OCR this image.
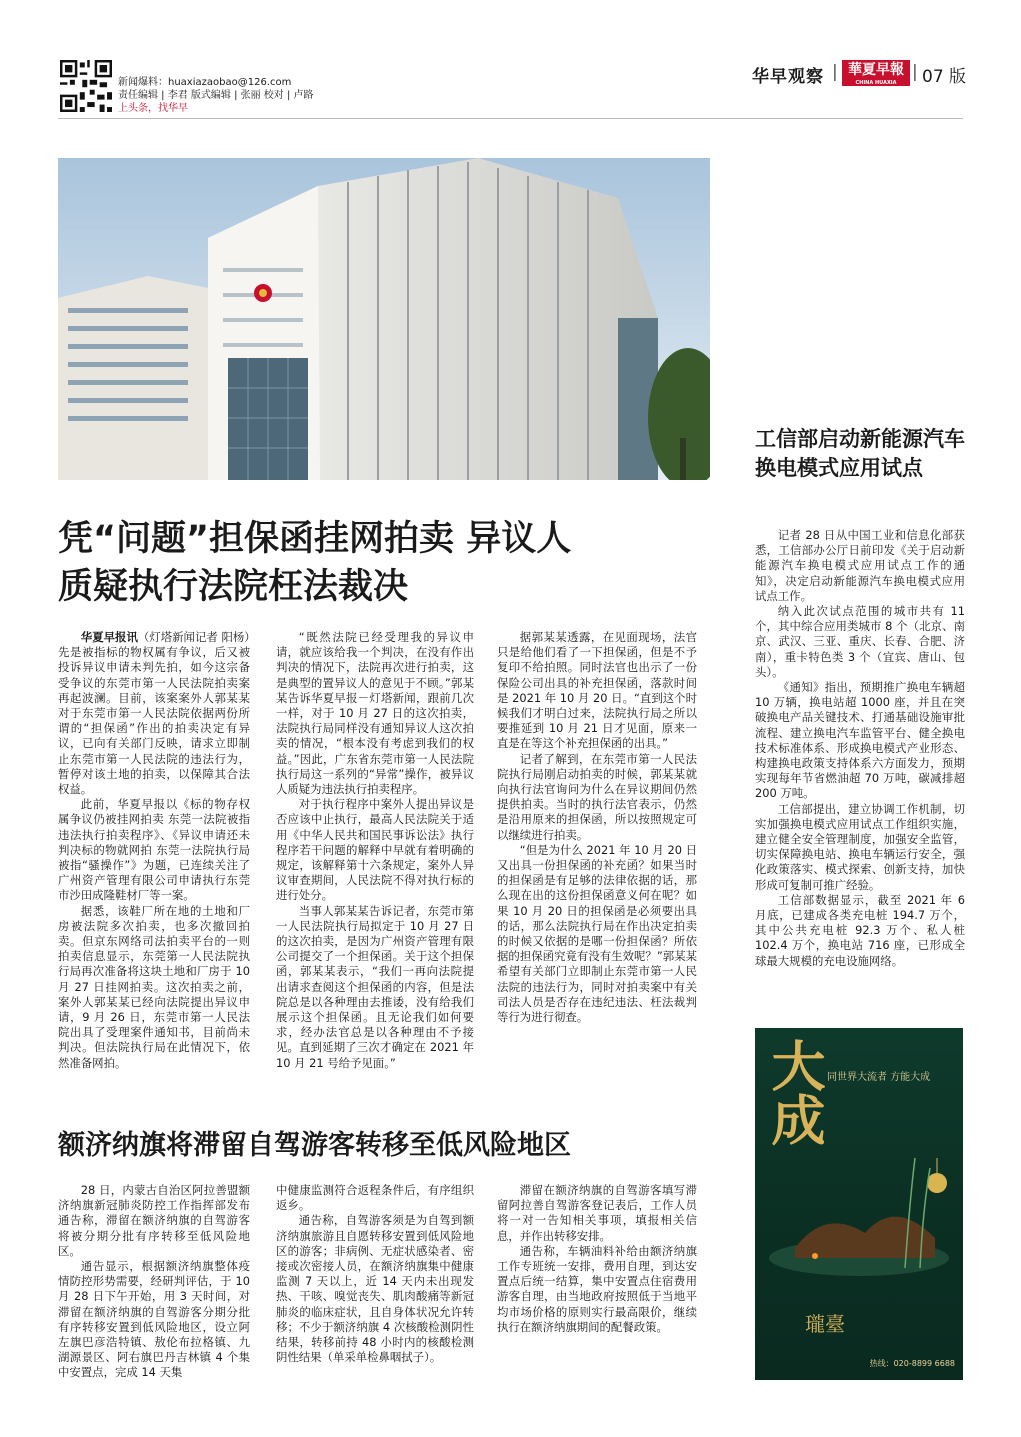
新闻爆料：huaxiazaobao@126.com
责任编辑 | 李君 版式编辑 | 张丽 校对 | 卢路
上头条，找华早
华早观察 | 華夏早報
CHINA HUAXIA NEWSPAPER
| 07 版
凭“问题”担保函挂网拍卖 异议人
质疑执行法院枉法裁决
工信部启动新能源汽车换电模式应用试点

华夏早报讯（灯塔新闻记者 阳杨）先是被指标的物权属有争议，后又被投诉异议申请未判先拍，如今这宗备受争议的东莞市第一人民法院拍卖案再起波澜。目前，该案案外人郭某某对于东莞市第一人民法院依据两份所谓的“担保函”作出的拍卖决定有异议，已向有关部门反映，请求立即制止东莞市第一人民法院的违法行为，暂停对该土地的拍卖，以保障其合法权益。

此前，华夏早报以《标的物存权属争议仍被挂网拍卖 东莞一法院被指违法执行拍卖程序》、《异议申请还未判决标的物就网拍 东莞一法院执行局被指“骚操作”》为题，已连续关注了广州资产管理有限公司申请执行东莞市沙田成隆鞋材厂等一案。

据悉，该鞋厂所在地的土地和厂房被法院多次拍卖，也多次撤回拍卖。但京东网络司法拍卖平台的一则拍卖信息显示，东莞第一人民法院执行局再次准备将这块土地和厂房于 10 月 27 日挂网拍卖。这次拍卖之前，案外人郭某某已经向法院提出异议申请，9 月 26 日，东莞市第一人民法院出具了受理案件通知书，目前尚未判决。但法院执行局在此情况下，依然准备网拍。

“既然法院已经受理我的异议申请，就应该给我一个判决，在没有作出判决的情况下，法院再次进行拍卖，这是典型的置异议人的意见于不顾。”郭某某告诉华夏早报－灯塔新闻，跟前几次一样，对于 10 月 27 日的这次拍卖，法院执行局同样没有通知异议人这次拍卖的情况，“根本没有考虑到我们的权益。”因此，广东省东莞市第一人民法院执行局这一系列的“异常”操作，被异议人质疑为违法执行拍卖程序。

对于执行程序中案外人提出异议是否应该中止执行，最高人民法院关于适用《中华人民共和国民事诉讼法》执行程序若干问题的解释中早就有着明确的规定，该解释第十六条规定，案外人异议审查期间，人民法院不得对执行标的进行处分。

当事人郭某某告诉记者，东莞市第一人民法院执行局拟定于 10 月 27 日的这次拍卖，是因为广州资产管理有限公司提交了一个担保函。关于这个担保函，郭某某表示，“我们一再向法院提出请求查阅这个担保函的内容，但是法院总是以各种理由去推诿，没有给我们展示这个担保函。且无论我们如何要求，经办法官总是以各种理由不予接见。直到延期了三次才确定在 2021 年 10 月 21 号给予见面。”

据郭某某透露，在见面现场，法官只是给他们看了一下担保函，但是不予复印不给拍照。同时法官也出示了一份保险公司出具的补充担保函，落款时间是 2021 年 10 月 20 日。“直到这个时候我们才明白过来，法院执行局之所以要推延到 10 月 21 日才见面，原来一直是在等这个补充担保函的出具。”

记者了解到，在东莞市第一人民法院执行局刚启动拍卖的时候，郭某某就向执行法官询问为什么在异议期间仍然提供拍卖。当时的执行法官表示，仍然是沿用原来的担保函，所以按照规定可以继续进行拍卖。

“但是为什么 2021 年 10 月 20 日又出具一份担保函的补充函？如果当时的担保函是有足够的法律依据的话，那么现在出的这份担保函意义何在呢？如果 10 月 20 日的担保函是必须要出具的话，那么法院执行局在作出决定拍卖的时候又依据的是哪一份担保函？所依据的担保函究竟有没有生效呢？”郭某某希望有关部门立即制止东莞市第一人民法院的违法行为，同时对拍卖案中有关司法人员是否存在违纪违法、枉法裁判等行为进行彻查。

记者 28 日从中国工业和信息化部获悉，工信部办公厅日前印发《关于启动新能源汽车换电模式应用试点工作的通知》，决定启动新能源汽车换电模式应用试点工作。

纳入此次试点范围的城市共有 11 个，其中综合应用类城市 8 个（北京、南京、武汉、三亚、重庆、长春、合肥、济南），重卡特色类 3 个（宜宾、唐山、包头）。

《通知》指出，预期推广换电车辆超 10 万辆，换电站超 1000 座，并且在突破换电产品关键技术、打通基础设施审批流程、建立换电汽车监管平台、健全换电技术标准体系、形成换电模式产业形态、构建换电政策支持体系六方面发力，预期实现每年节省燃油超 70 万吨，碳减排超 200 万吨。

工信部提出，建立协调工作机制，切实加强换电模式应用试点工作组织实施，建立健全安全管理制度，加强安全监管，切实保障换电站、换电车辆运行安全，强化政策落实、模式探索、创新支持，加快形成可复制可推广经验。

工信部数据显示，截至 2021 年 6 月底，已建成各类充电桩 194.7 万个，其中公共充电桩 92.3 万个、私人桩 102.4 万个，换电站 716 座，已形成全球最大规模的充电设施网络。

额济纳旗将滞留自驾游客转移至低风险地区

28 日，内蒙古自治区阿拉善盟额济纳旗新冠肺炎防控工作指挥部发布通告称，滞留在额济纳旗的自驾游客将被分期分批有序转移至低风险地区。

通告显示，根据额济纳旗整体疫情防控形势需要，经研判评估，于 10 月 28 日下午开始，用 3 天时间，对滞留在额济纳旗的自驾游客分期分批有序转移安置到低风险地区，设立阿左旗巴彦浩特镇、敖伦布拉格镇、九湖源景区、阿右旗巴丹吉林镇 4 个集中安置点，完成 14 天集

中健康监测符合返程条件后，有序组织返乡。

通告称，自驾游客须是为自驾到额济纳旗旅游且自愿转移安置到低风险地区的游客；非病例、无症状感染者、密接或次密接人员，在额济纳旗集中健康监测 7 天以上，近 14 天内未出现发热、干咳、嗅觉丧失、肌肉酸痛等新冠肺炎的临床症状，且自身体状况允许转移；不少于额济纳旗 4 次核酸检测阴性结果，转移前持 48 小时内的核酸检测阴性结果（单采单检鼻咽拭子）。

滞留在额济纳旗的自驾游客填写滞留阿拉善自驾游客登记表后，工作人员将一对一告知相关事项，填报相关信息，并作出转移安排。

通告称，车辆油料补给由额济纳旗工作专班统一安排，费用自理，到达安置点后统一结算，集中安置点住宿费用游客自理，由当地政府按照低于当地平均市场价格的原则实行最高限价，继续执行在额济纳旗期间的配餐政策。

大成 同世界大流者 方能大成
瓏臺
热线：020-8899 6688
